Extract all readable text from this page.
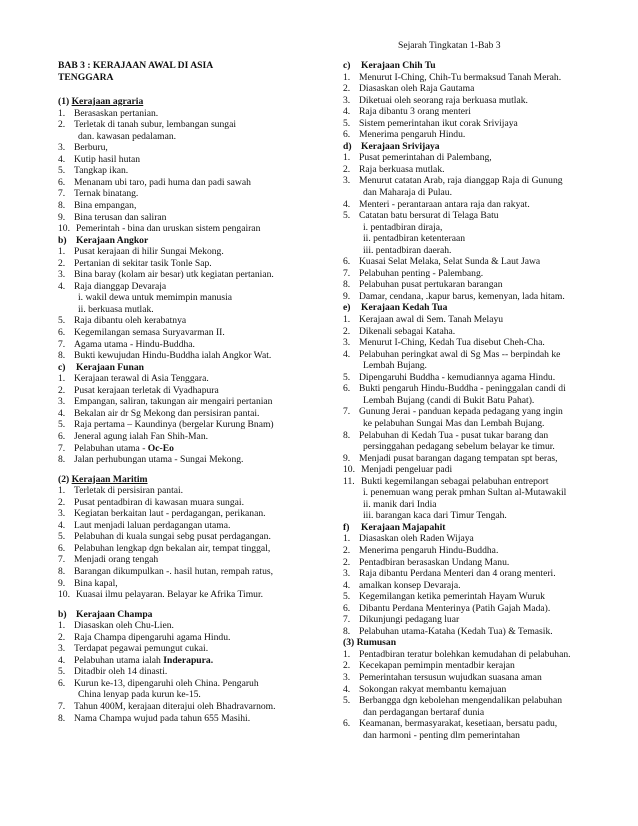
Sejarah Tingkatan 1-Bab 3
BAB 3 : KERAJAAN AWAL DI ASIA
TENGGARA
(1) Kerajaan agraria
1. Berasaskan pertanian.
2. Terletak di tanah subur, lembangan sungai
dan. kawasan pedalaman.
3. Berburu,
4. Kutip hasil hutan
5. Tangkap ikan.
6. Menanam ubi taro, padi huma dan padi sawah
7. Ternak binatang.
8. Bina empangan,
9. Bina terusan dan saliran
10. Pemerintah - bina dan uruskan sistem pengairan
b) Kerajaan Angkor
1. Pusat kerajaan di hilir Sungai Mekong.
2. Pertanian di sekitar tasik Tonle Sap.
3. Bina baray (kolam air besar) utk kegiatan pertanian.
4. Raja dianggap Devaraja
i. wakil dewa untuk memimpin manusia
ii. berkuasa mutlak.
5. Raja dibantu oleh kerabatnya
6. Kegemilangan semasa Suryavarman II.
7. Agama utama - Hindu-Buddha.
8. Bukti kewujudan Hindu-Buddha ialah Angkor Wat.
c) Kerajaan Funan
1. Kerajaan terawal di Asia Tenggara.
2. Pusat kerajaan terletak di Vyadhapura
3. Empangan, saliran, takungan air mengairi pertanian
4. Bekalan air dr Sg Mekong dan persisiran pantai.
5. Raja pertama – Kaundinya (bergelar Kurung Bnam)
6. Jeneral agung ialah Fan Shih-Man.
7. Pelabuhan utama - Oc-Eo
8. Jalan perhubungan utama - Sungai Mekong.
(2) Kerajaan Maritim
1. Terletak di persisiran pantai.
2. Pusat pentadbiran di kawasan muara sungai.
3. Kegiatan berkaitan laut - perdagangan, perikanan.
4. Laut menjadi laluan perdagangan utama.
5. Pelabuhan di kuala sungai sebg pusat perdagangan.
6. Pelabuhan lengkap dgn bekalan air, tempat tinggal,
7. Menjadi orang tengah
8. Barangan dikumpulkan -. hasil hutan, rempah ratus,
9. Bina kapal,
10. Kuasai ilmu pelayaran. Belayar ke Afrika Timur.
b) Kerajaan Champa
1. Diasaskan oleh Chu-Lien.
2. Raja Champa dipengaruhi agama Hindu.
3. Terdapat pegawai pemungut cukai.
4. Pelabuhan utama ialah Inderapura.
5. Ditadbir oleh 14 dinasti.
6. Kurun ke-13, dipengaruhi oleh China. Pengaruh
China lenyap pada kurun ke-15.
7. Tahun 400M, kerajaan diterajui oleh Bhadravarnom.
8. Nama Champa wujud pada tahun 655 Masihi.
c) Kerajaan Chih Tu
1. Menurut I-Ching, Chih-Tu bermaksud Tanah Merah.
2. Diasaskan oleh Raja Gautama
3. Diketuai oleh seorang raja berkuasa mutlak.
4. Raja dibantu 3 orang menteri
5. Sistem pemerintahan ikut corak Srivijaya
6. Menerima pengaruh Hindu.
d) Kerajaan Srivijaya
1. Pusat pemerintahan di Palembang,
2. Raja berkuasa mutlak.
3. Menurut catatan Arab, raja dianggap Raja di Gunung
dan Maharaja di Pulau.
4. Menteri - perantaraan antara raja dan rakyat.
5. Catatan batu bersurat di Telaga Batu
i. pentadbiran diraja,
ii. pentadbiran ketenteraan
iii. pentadbiran daerah.
6. Kuasai Selat Melaka, Selat Sunda & Laut Jawa
7. Pelabuhan penting - Palembang.
8. Pelabuhan pusat pertukaran barangan
9. Damar, cendana, .kapur barus, kemenyan, lada hitam.
e) Kerajaan Kedah Tua
1. Kerajaan awal di Sem. Tanah Melayu
2. Dikenali sebagai Kataha.
3. Menurut I-Ching, Kedah Tua disebut Cheh-Cha.
4. Pelabuhan peringkat awal di Sg Mas -- berpindah ke
Lembah Bujang.
5. Dipengaruhi Buddha - kemudiannya agama Hindu.
6. Bukti pengaruh Hindu-Buddha - peninggalan candi di
Lembah Bujang (candi di Bukit Batu Pahat).
7. Gunung Jerai - panduan kepada pedagang yang ingin
ke pelabuhan Sungai Mas dan Lembah Bujang.
8. Pelabuhan di Kedah Tua - pusat tukar barang dan
persinggahan pedagang sebelum belayar ke timur.
9. Menjadi pusat barangan dagang tempatan spt beras,
10. Menjadi pengeluar padi
11. Bukti kegemilangan sebagai pelabuhan entreport
i. penemuan wang perak pmhan Sultan al-Mutawakil
ii. manik dari India
iii. barangan kaca dari Timur Tengah.
f) Kerajaan Majapahit
1. Diasaskan oleh Raden Wijaya
2. Menerima pengaruh Hindu-Buddha.
2. Pentadbiran berasaskan Undang Manu.
3. Raja dibantu Perdana Menteri dan 4 orang menteri.
4. amalkan konsep Devaraja.
5. Kegemilangan ketika pemerintah Hayam Wuruk
6. Dibantu Perdana Menterinya (Patih Gajah Mada).
7. Dikunjungi pedagang luar
8. Pelabuhan utama-Kataha (Kedah Tua) & Temasik.
(3) Rumusan
1. Pentadbiran teratur bolehkan kemudahan di pelabuhan.
2. Kecekapan pemimpin mentadbir kerajan
3. Pemerintahan tersusun wujudkan suasana aman
4. Sokongan rakyat membantu kemajuan
5. Berbangga dgn kebolehan mengendalikan pelabuhan
dan perdagangan bertaraf dunia
6. Keamanan, bermasyarakat, kesetiaan, bersatu padu,
dan harmoni - penting dlm pemerintahan
